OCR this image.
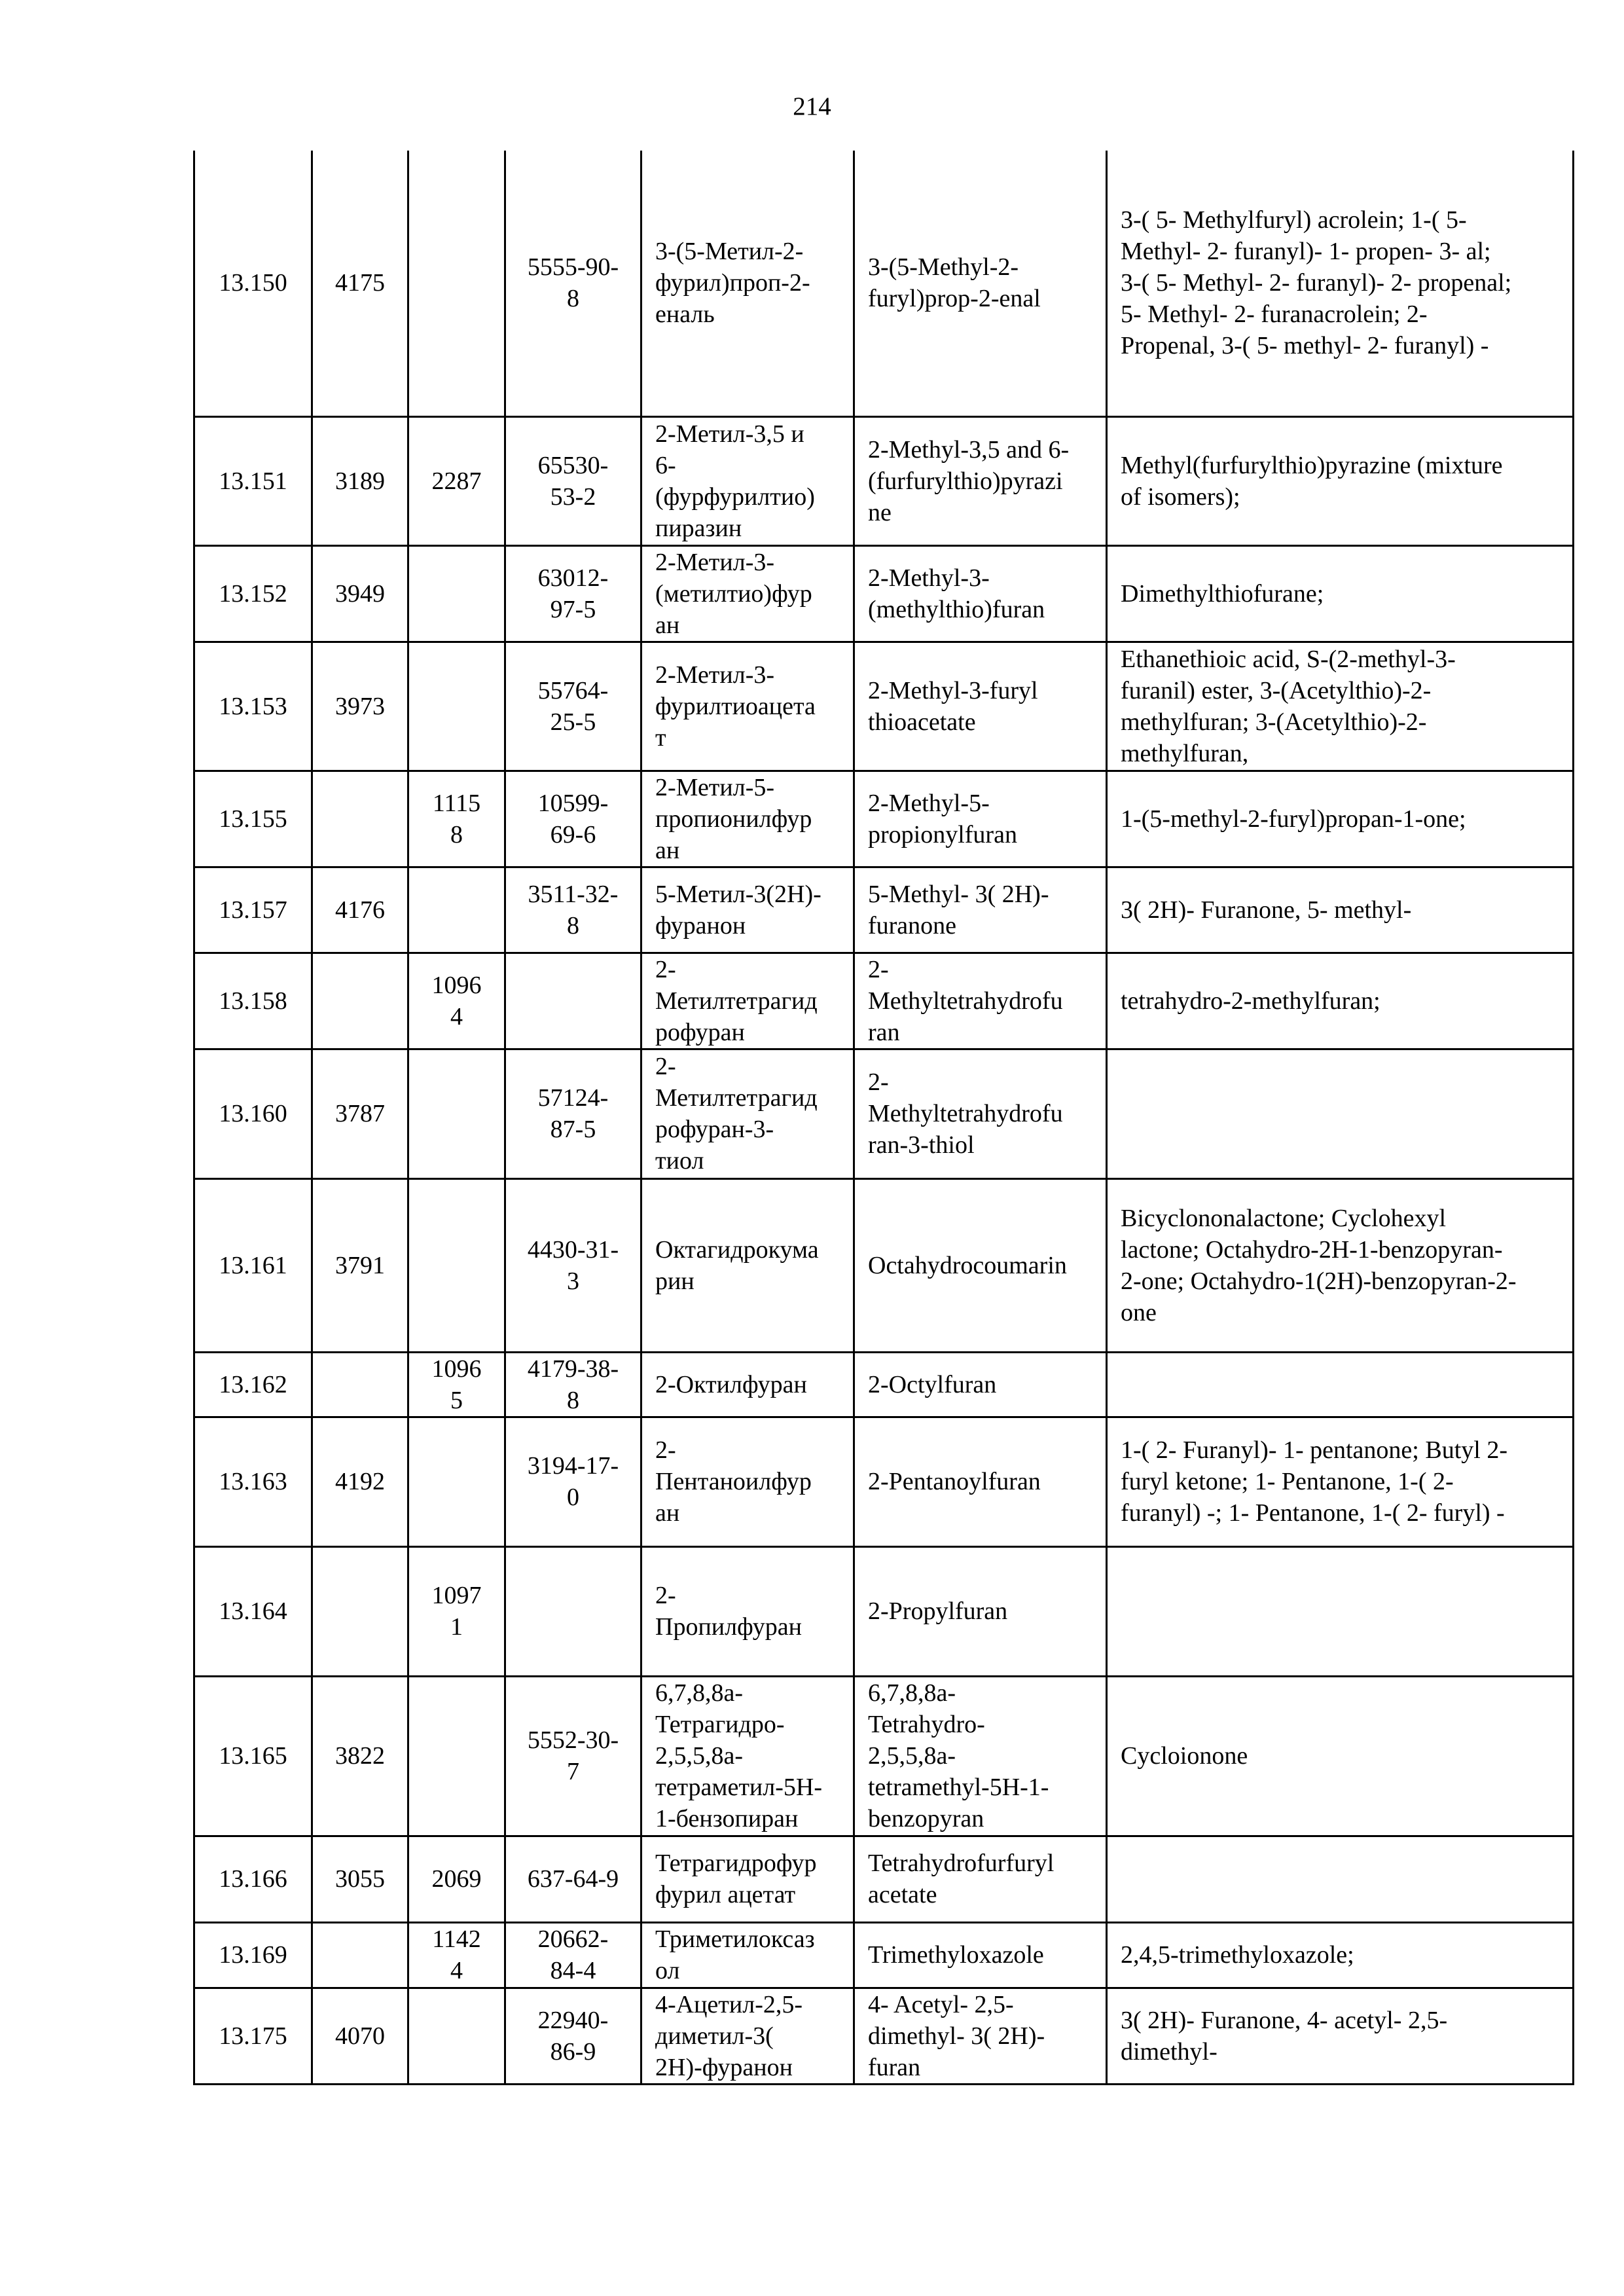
214
13.150	4175		5555-90-
8	3-(5-Метил-2-
фурил)проп-2-
еналь	3-(5-Methyl-2-
furyl)prop-2-enal	3-( 5- Methylfuryl) acrolein; 1-( 5-
Methyl- 2- furanyl)- 1- propen- 3- al;
3-( 5- Methyl- 2- furanyl)- 2- propenal;
5- Methyl- 2- furanacrolein; 2-
Propenal, 3-( 5- methyl- 2- furanyl) -
13.151	3189	2287	65530-
53-2	2-Метил-3,5 и
6-
(фурфурилтио)
пиразин	2-Methyl-3,5 and 6-
(furfurylthio)pyrazi
ne	Methyl(furfurylthio)pyrazine (mixture
of isomers);
13.152	3949		63012-
97-5	2-Метил-3-
(метилтио)фур
ан	2-Methyl-3-
(methylthio)furan	Dimethylthiofurane;
13.153	3973		55764-
25-5	2-Метил-3-
фурилтиоацета
т	2-Methyl-3-furyl
thioacetate	Ethanethioic acid, S-(2-methyl-3-
furanil) ester, 3-(Acetylthio)-2-
methylfuran; 3-(Acetylthio)-2-
methylfuran,
13.155		1115
8	10599-
69-6	2-Метил-5-
пропионилфур
ан	2-Methyl-5-
propionylfuran	1-(5-methyl-2-furyl)propan-1-one;
13.157	4176		3511-32-
8	5-Метил-3(2Н)-
фуранон	5-Methyl- 3( 2H)-
furanone	3( 2H)- Furanone, 5- methyl-
13.158		1096
4		2-
Метилтетрагид
рофуран	2-
Methyltetrahydrofu
ran	tetrahydro-2-methylfuran;
13.160	3787		57124-
87-5	2-
Метилтетрагид
рофуран-3-
тиол	2-
Methyltetrahydrofu
ran-3-thiol	
13.161	3791		4430-31-
3	Октагидрокума
рин	Octahydrocoumarin	Bicyclononalactone; Cyclohexyl
lactone; Octahydro-2H-1-benzopyran-
2-one; Octahydro-1(2H)-benzopyran-2-
one
13.162		1096
5	4179-38-
8	2-Октилфуран	2-Octylfuran	
13.163	4192		3194-17-
0	2-
Пентаноилфур
ан	2-Pentanoylfuran	1-( 2- Furanyl)- 1- pentanone; Butyl 2-
furyl ketone; 1- Pentanone, 1-( 2-
furanyl) -; 1- Pentanone, 1-( 2- furyl) -
13.164		1097
1		2-
Пропилфуран	2-Propylfuran	
13.165	3822		5552-30-
7	6,7,8,8а-
Тетрагидро-
2,5,5,8а-
тетраметил-5Н-
1-бензопиран	6,7,8,8a-
Tetrahydro-
2,5,5,8a-
tetramethyl-5H-1-
benzopyran	Cycloionone
13.166	3055	2069	637-64-9	Тетрагидрофур
фурил ацетат	Tetrahydrofurfuryl
acetate	
13.169		1142
4	20662-
84-4	Триметилоксаз
ол	Trimethyloxazole	2,4,5-trimethyloxazole;
13.175	4070		22940-
86-9	4-Ацетил-2,5-
диметил-3(
2Н)-фуранон	4- Acetyl- 2,5-
dimethyl- 3( 2H)-
furan	3( 2H)- Furanone, 4- acetyl- 2,5-
dimethyl-
